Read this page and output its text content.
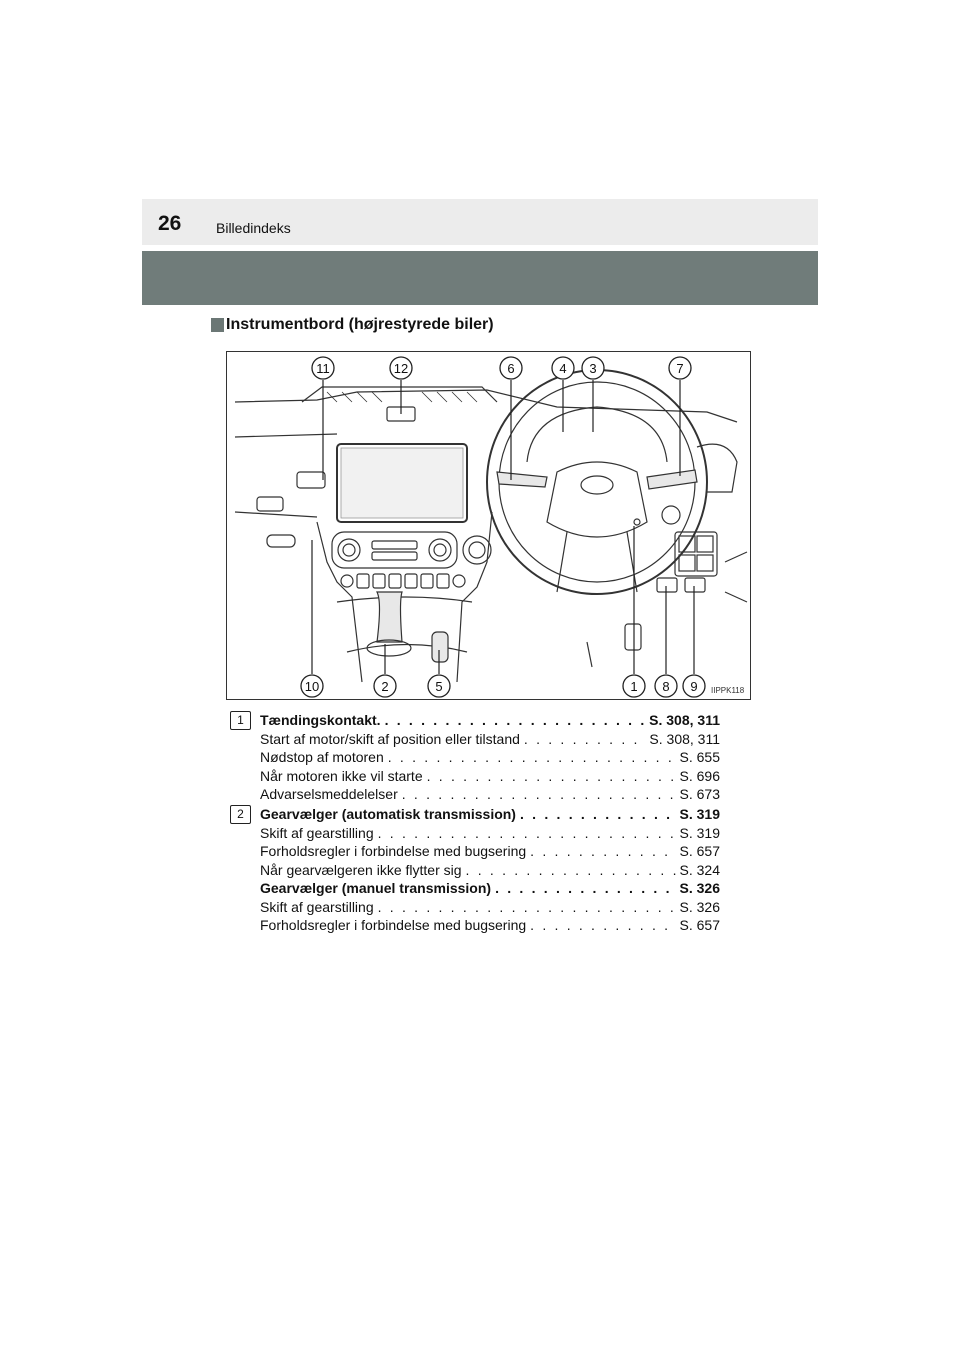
26 Billedindeks
Instrumentbord (højrestyrede biler)
11	12	6	4 3	7
10	2	5	1 8 9 IIPPK118
1	Tændingskontakt. . . .	S. 308, 311
Start af motor/skift af position eller tilstand . . .	S. 308, 311
Nødstop af motoren . . .	S. 655
Når motoren ikke vil starte . . .	S. 696
Advarselsmeddelelser . . .	S. 673
2	Gearvælger (automatisk transmission) . . .	S. 319
Skift af gearstilling . . .	S. 319
Forholdsregler i forbindelse med bugsering . . .	S. 657
Når gearvælgeren ikke flytter sig . . .	S. 324
Gearvælger (manuel transmission) . . .	S. 326
Skift af gearstilling . . .	S. 326
Forholdsregler i forbindelse med bugsering . . .	S. 657
